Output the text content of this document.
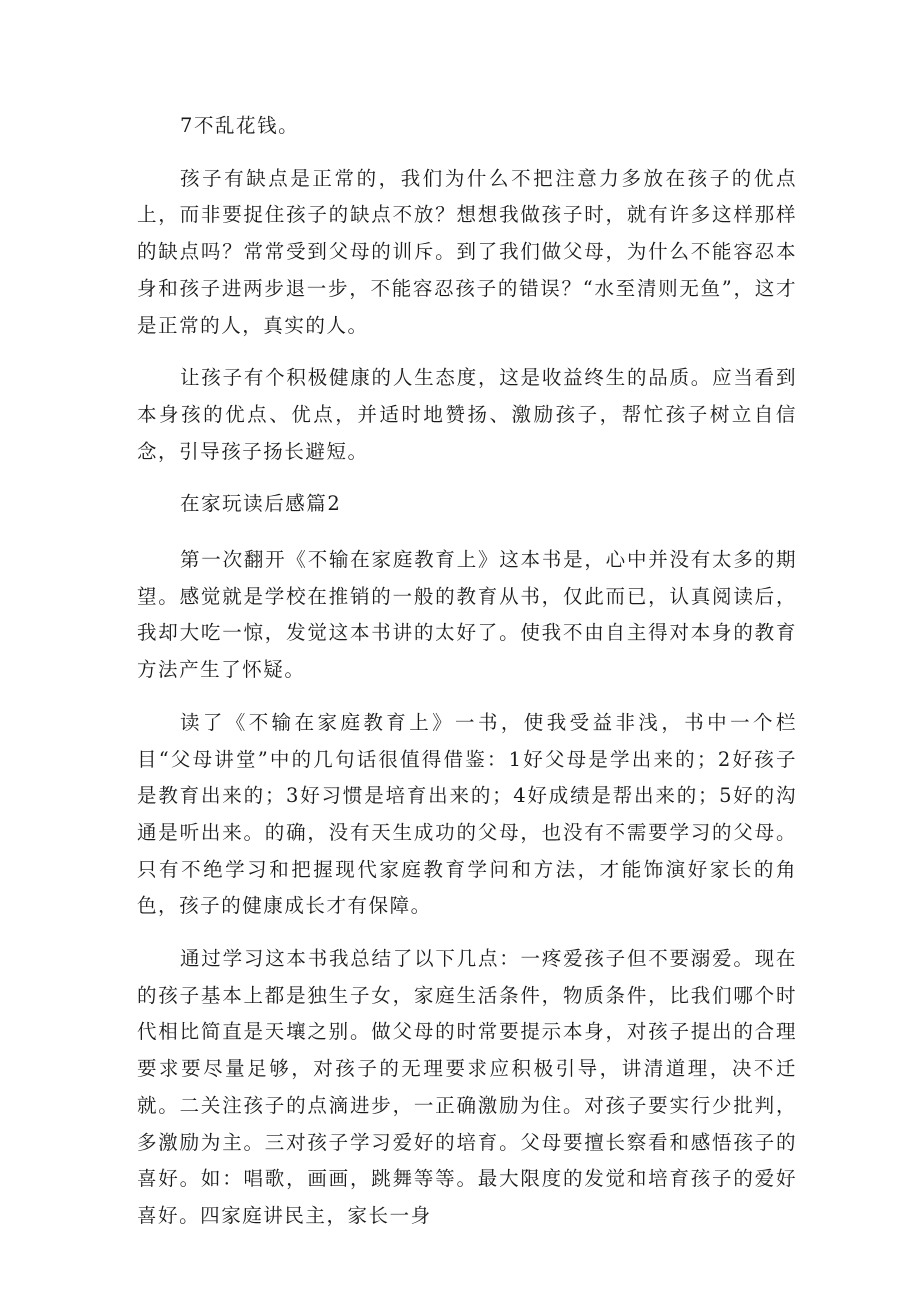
7不乱花钱。

孩子有缺点是正常的，我们为什么不把注意力多放在孩子的优点上，而非要捉住孩子的缺点不放？想想我做孩子时，就有许多这样那样的缺点吗？常常受到父母的训斥。到了我们做父母，为什么不能容忍本身和孩子进两步退一步，不能容忍孩子的错误？“水至清则无鱼”，这才是正常的人，真实的人。

让孩子有个积极健康的人生态度，这是收益终生的品质。应当看到本身孩的优点、优点，并适时地赞扬、激励孩子，帮忙孩子树立自信念，引导孩子扬长避短。

在家玩读后感篇2

第一次翻开《不输在家庭教育上》这本书是，心中并没有太多的期望。感觉就是学校在推销的一般的教育从书，仅此而已，认真阅读后，我却大吃一惊，发觉这本书讲的太好了。使我不由自主得对本身的教育方法产生了怀疑。

读了《不输在家庭教育上》一书，使我受益非浅，书中一个栏目“父母讲堂”中的几句话很值得借鉴：1好父母是学出来的；2好孩子是教育出来的；3好习惯是培育出来的；4好成绩是帮出来的；5好的沟通是听出来。的确，没有天生成功的父母，也没有不需要学习的父母。只有不绝学习和把握现代家庭教育学问和方法，才能饰演好家长的角色，孩子的健康成长才有保障。

通过学习这本书我总结了以下几点：一疼爱孩子但不要溺爱。现在的孩子基本上都是独生子女，家庭生活条件，物质条件，比我们哪个时代相比简直是天壤之别。做父母的时常要提示本身，对孩子提出的合理要求要尽量足够，对孩子的无理要求应积极引导，讲清道理，决不迁就。二关注孩子的点滴进步，一正确激励为住。对孩子要实行少批判，多激励为主。三对孩子学习爱好的培育。父母要擅长察看和感悟孩子的喜好。如：唱歌，画画，跳舞等等。最大限度的发觉和培育孩子的爱好喜好。四家庭讲民主，家长一身
